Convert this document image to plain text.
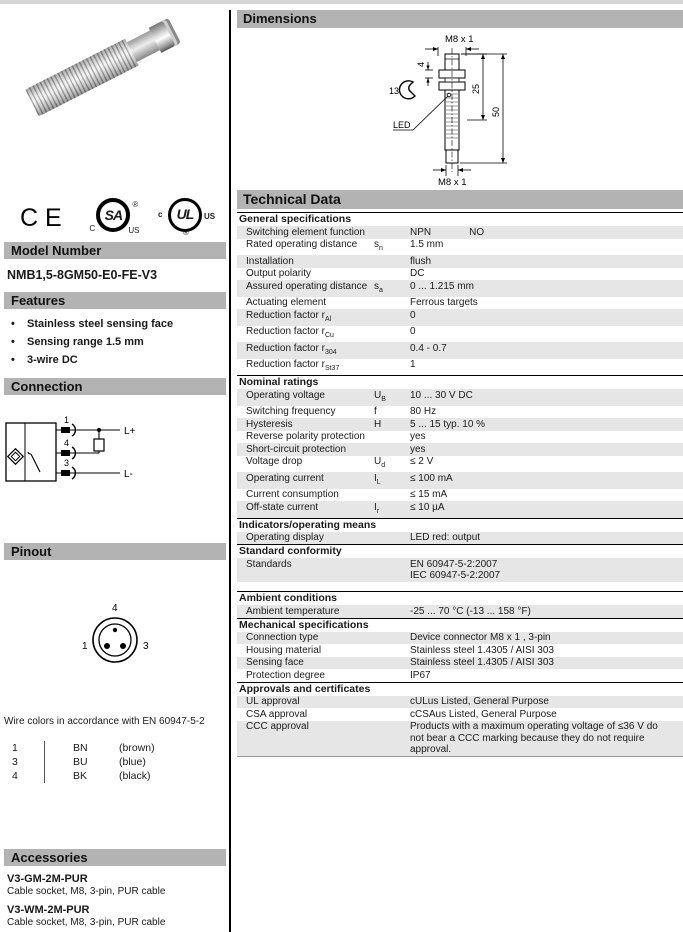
CE	SA
®
C	US
UL
c	US
®
Model Number
NMB1,5-8GM50-E0-FE-V3
Features
• Stainless steel sensing face
• Sensing range 1.5 mm
• 3-wire DC
Connection
1
L+
4
3
L-
Pinout
4
1	3
Wire colors in accordance with EN 60947-5-2
1	BN	(brown)
3	BU	(blue)
4	BK	(black)
Accessories
V3-GM-2M-PUR
Cable socket, M8, 3-pin, PUR cable
V3-WM-2M-PUR
Cable socket, M8, 3-pin, PUR cable
Dimensions
M8 x 1
4
13
LED
25
50
M8 x 1
Technical Data
General specifications
Switching element function	NPN	NO
Rated operating distance	$s_n$	1.5 mm
Installation	flush
Output polarity	DC
Assured operating distance $s_a$	0 ... 1.215 mm
Actuating element	Ferrous targets
Reduction factor $r_{Al}$	0
Reduction factor $r_{Cu}$	0
Reduction factor $r_{304}$	0.4 - 0.7
Reduction factor $r_{St37}$	1
Nominal ratings
Operating voltage	$U_B$	10 ... 30 V DC
Switching frequency	f	80 Hz
Hysteresis	H	5 ... 15 typ. 10 %
Reverse polarity protection	yes
Short-circuit protection	yes
Voltage drop	$U_d$	≤ 2 V
Operating current	$I_L$	≤ 100 mA
Current consumption	≤ 15 mA
Off-state current	$I_r$	≤ 10 µA
Indicators/operating means
Operating display	LED red: output
Standard conformity
Standards	EN 60947-5-2:2007
IEC 60947-5-2:2007
Ambient conditions
Ambient temperature	-25 ... 70 °C (-13 ... 158 °F)
Mechanical specifications
Connection type	Device connector M8 x 1 , 3-pin
Housing material	Stainless steel 1.4305 / AISI 303
Sensing face	Stainless steel 1.4305 / AISI 303
Protection degree	IP67
Approvals and certificates
UL approval	cULus Listed, General Purpose
CSA approval	cCSAus Listed, General Purpose
CCC approval	Products with a maximum operating voltage of ≤36 V do not bear a CCC marking because they do not require approval.
